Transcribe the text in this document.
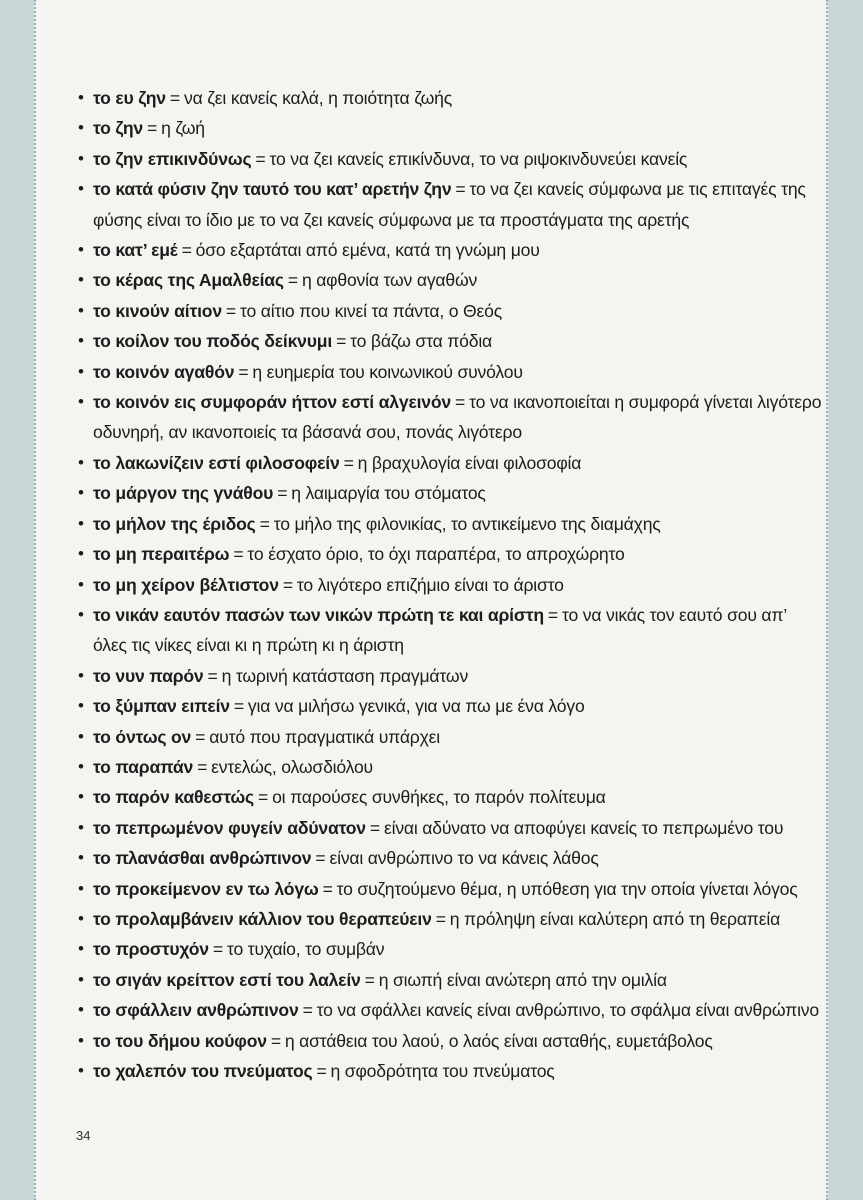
• το ευ ζην = να ζει κανείς καλά, η ποιότητα ζωής
• το ζην = η ζωή
• το ζην επικινδύνως = το να ζει κανείς επικίνδυνα, το να ριψοκινδυνεύει κανείς
• το κατά φύσιν ζην ταυτό του κατ’ αρετήν ζην = το να ζει κανείς σύμφωνα με τις επιταγές της φύσης είναι το ίδιο με το να ζει κανείς σύμφωνα με τα προστάγματα της αρετής
• το κατ’ εμέ = όσο εξαρτάται από εμένα, κατά τη γνώμη μου
• το κέρας της Αμαλθείας = η αφθονία των αγαθών
• το κινούν αίτιον = το αίτιο που κινεί τα πάντα, ο Θεός
• το κοίλον του ποδός δείκνυμι = το βάζω στα πόδια
• το κοινόν αγαθόν = η ευημερία του κοινωνικού συνόλου
• το κοινόν εις συμφοράν ήττον εστί αλγεινόν = το να ικανοποιείται η συμφορά γίνεται λιγότερο οδυνηρή, αν ικανοποιείς τα βάσανά σου, πονάς λιγότερο
• το λακωνίζειν εστί φιλοσοφείν = η βραχυλογία είναι φιλοσοφία
• το μάργον της γνάθου = η λαιμαργία του στόματος
• το μήλον της έριδος = το μήλο της φιλονικίας, το αντικείμενο της διαμάχης
• το μη περαιτέρω = το έσχατο όριο, το όχι παραπέρα, το απροχώρητο
• το μη χείρον βέλτιστον = το λιγότερο επιζήμιο είναι το άριστο
• το νικάν εαυτόν πασών των νικών πρώτη τε και αρίστη = το να νικάς τον εαυτό σου απ’ όλες τις νίκες είναι κι η πρώτη κι η άριστη
• το νυν παρόν = η τωρινή κατάσταση πραγμάτων
• το ξύμπαν ειπείν = για να μιλήσω γενικά, για να πω με ένα λόγο
• το όντως ον = αυτό που πραγματικά υπάρχει
• το παραπάν = εντελώς, ολωσδιόλου
• το παρόν καθεστώς = οι παρούσες συνθήκες, το παρόν πολίτευμα
• το πεπρωμένον φυγείν αδύνατον = είναι αδύνατο να αποφύγει κανείς το πεπρωμένο του
• το πλανάσθαι ανθρώπινον = είναι ανθρώπινο το να κάνεις λάθος
• το προκείμενον εν τω λόγω = το συζητούμενο θέμα, η υπόθεση για την οποία γίνεται λόγος
• το προλαμβάνειν κάλλιον του θεραπεύειν = η πρόληψη είναι καλύτερη από τη θεραπεία
• το προστυχόν = το τυχαίο, το συμβάν
• το σιγάν κρείττον εστί του λαλείν = η σιωπή είναι ανώτερη από την ομιλία
• το σφάλλειν ανθρώπινον = το να σφάλλει κανείς είναι ανθρώπινο, το σφάλμα είναι ανθρώπινο
• το του δήμου κούφον = η αστάθεια του λαού, ο λαός είναι ασταθής, ευμετάβολος
• το χαλεπόν του πνεύματος = η σφοδρότητα του πνεύματος
34
